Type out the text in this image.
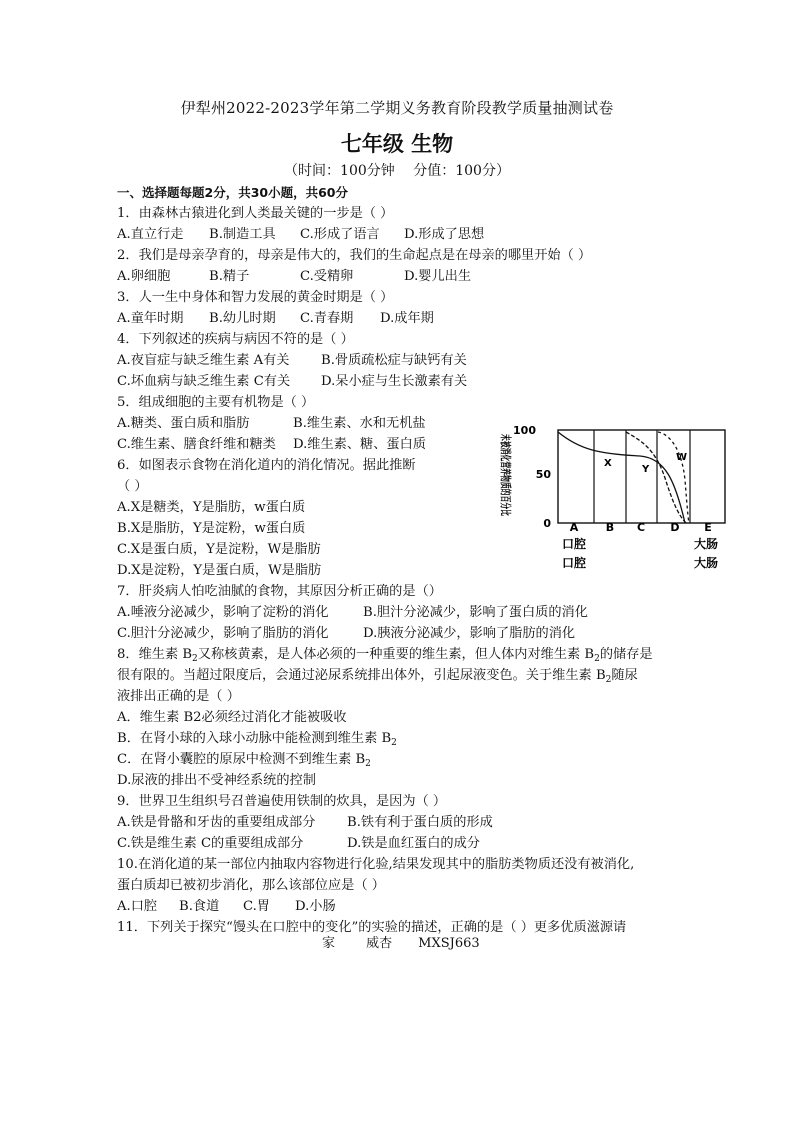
伊犁州2022-2023学年第二学期义务教育阶段教学质量抽测试卷
七年级 生物
（时间：100分钟　 分值：100分）
一、选择题每题2分，共30小题，共60分
1．由森林古猿进化到人类最关键的一步是（ ）
A.直立行走 B.制造工具 C.形成了语言 D.形成了思想
2．我们是母亲孕育的，母亲是伟大的，我们的生命起点是在母亲的哪里开始（ ）
A.卵细胞	B.精子	C.受精卵	D.婴儿出生
3．人一生中身体和智力发展的黄金时期是（ ）
A.童年时期 B.幼儿时期 C.青春期 D.成年期
4．下列叙述的疾病与病因不符的是（ ）
A.夜盲症与缺乏维生素 A有关 B.骨质疏松症与缺钙有关
C.坏血病与缺乏维生素 C有关 D.呆小症与生长激素有关
5．组成细胞的主要有机物是（ ）
A.糖类、蛋白质和脂肪	B.维生素、水和无机盐
C.维生素、膳食纤维和糖类 D.维生素、糖、蛋白质
6．如图表示食物在消化道内的消化情况。据此推断
（ ）
A.X是糖类，Y是脂肪，w蛋白质
B.X是脂肪，Y是淀粉，w蛋白质
C.X是蛋白质，Y是淀粉，W是脂肪
D.X是淀粉，Y是蛋白质，W是脂肪
7．肝炎病人怕吃油腻的食物，其原因分析正确的是（）
A.唾液分泌减少，影响了淀粉的消化	B.胆汁分泌减少，影响了蛋白质的消化
C.胆汁分泌减少，影响了脂肪的消化	D.胰液分泌减少，影响了脂肪的消化
8．维生素 $B_2$又称核黄素，是人体必须的一种重要的维生素，但人体内对维生素 $B_2$的储存是
很有限的。当超过限度后，会通过泌尿系统排出体外，引起尿液变色。关于维生素 $B_2$随尿
液排出正确的是（ ）
A．维生素 B2必须经过消化才能被吸收
B．在肾小球的入球小动脉中能检测到维生素 $B_2$
C．在肾小囊腔的原尿中检测不到维生素 $B_2$
D.尿液的排出不受神经系统的控制
9．世界卫生组织号召普遍使用铁制的炊具，是因为（ ）
A.铁是骨骼和牙齿的重要组成部分 B.铁有利于蛋白质的形成
C.铁是维生素 C的重要组成部分	D.铁是血红蛋白的成分
10.在消化道的某一部位内抽取内容物进行化验,结果发现其中的脂肪类物质还没有被消化,
蛋白质却已被初步消化，那么该部位应是（ ）
A.口腔 B.食道 C.胃 D.小肠
11．下列关于探究“馒头在口腔中的变化”的实验的描述，正确的是（ ）更多优质滋源请
家　 威杏　　MXSJ663
未被消化营养物质的百分比
100
50
0
X
Y
W
A	B C D E
口腔	大肠
口腔	大肠
